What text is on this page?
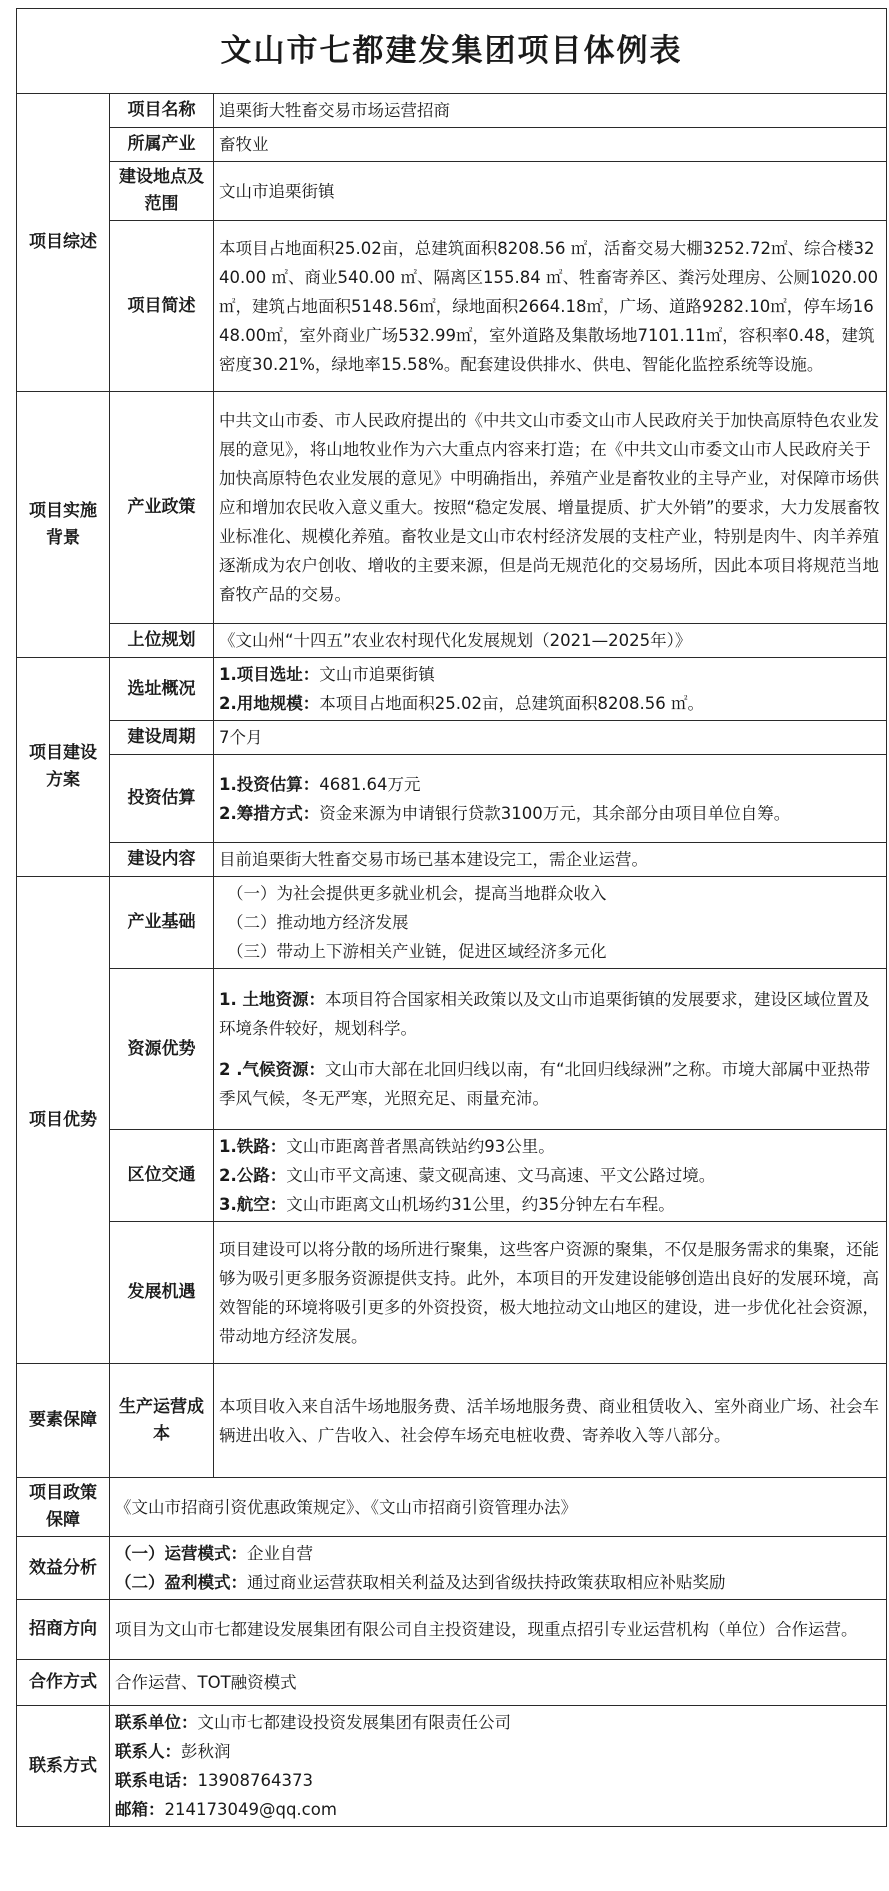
文山市七都建发集团项目体例表		
项目综述	项目名称	追栗街大牲畜交易市场运营招商
	所属产业	畜牧业

	建设地点及
范围	文山市追栗街镇
	项目简述	本项目占地面积25.02亩，总建筑面积8208.56 ㎡，活畜交易大棚3252.72㎡、综合楼3240.00 ㎡、商业540.00 ㎡、隔离区155.84 ㎡、牲畜寄养区、粪污处理房、公厕1020.00㎡，建筑占地面积5148.56㎡，绿地面积2664.18㎡，广场、道路9282.10㎡，停车场1648.00㎡，室外商业广场532.99㎡，室外道路及集散场地7101.11㎡，容积率0.48，建筑密度30.21%，绿地率15.58%。配套建设供排水、供电、智能化监控系统等设施。

项目实施
背景	产业政策	中共文山市委、市人民政府提出的《中共文山市委文山市人民政府关于加快高原特色农业发展的意见》，将山地牧业作为六大重点内容来打造；在《中共文山市委文山市人民政府关于加快高原特色农业发展的意见》中明确指出，养殖产业是畜牧业的主导产业，对保障市场供应和增加农民收入意义重大。按照“稳定发展、增量提质、扩大外销”的要求，大力发展畜牧业标准化、规模化养殖。畜牧业是文山市农村经济发展的支柱产业，特别是肉牛、肉羊养殖逐渐成为农户创收、增收的主要来源，但是尚无规范化的交易场所，因此本项目将规范当地畜牧产品的交易。
	上位规划	《文山州“十四五”农业农村现代化发展规划（2021—2025年）》

项目建设
方案	选址概况	1.项目选址：文山市追栗街镇
2.用地规模：本项目占地面积25.02亩，总建筑面积8208.56 ㎡。

	建设周期	7个月
	投资估算	1.投资估算：4681.64万元
2.筹措方式：资金来源为申请银行贷款3100万元，其余部分由项目单位自筹。

	建设内容	目前追栗街大牲畜交易市场已基本建设完工，需企业运营。
项目优势	产业基础	（一）为社会提供更多就业机会，提高当地群众收入
（二）推动地方经济发展
（三）带动上下游相关产业链，促进区域经济多元化

	资源优势	1. 土地资源：本项目符合国家相关政策以及文山市追栗街镇的发展要求，建设区域位置及环境条件较好，规划科学。
2 .气候资源：文山市大部在北回归线以南，有“北回归线绿洲”之称。市境大部属中亚热带季风气候，冬无严寒，光照充足、雨量充沛。

	区位交通	1.铁路：文山市距离普者黑高铁站约93公里。
2.公路：文山市平文高速、蒙文砚高速、文马高速、平文公路过境。
3.航空：文山市距离文山机场约31公里，约35分钟左右车程。

	发展机遇	项目建设可以将分散的场所进行聚集，这些客户资源的聚集，不仅是服务需求的集聚，还能够为吸引更多服务资源提供支持。此外，本项目的开发建设能够创造出良好的发展环境，高效智能的环境将吸引更多的外资投资，极大地拉动文山地区的建设，进一步优化社会资源，带动地方经济发展。
要素保障	生产运营成
本	本项目收入来自活牛场地服务费、活羊场地服务费、商业租赁收入、室外商业广场、社会车辆进出收入、广告收入、社会停车场充电桩收费、寄养收入等八部分。

项目政策
保障	《文山市招商引资优惠政策规定》、《文山市招商引资管理办法》	
效益分析	（一）运营模式：企业自营
（二）盈利模式：通过商业运营获取相关利益及达到省级扶持政策获取相应补贴奖励	

招商方向	项目为文山市七都建设发展集团有限公司自主投资建设，现重点招引专业运营机构（单位）合作运营。	
合作方式	合作运营、TOT融资模式	
联系方式	联系单位：文山市七都建设投资发展集团有限责任公司
联系人：彭秋润
联系电话：13908764373
邮箱：214173049@qq.com	
